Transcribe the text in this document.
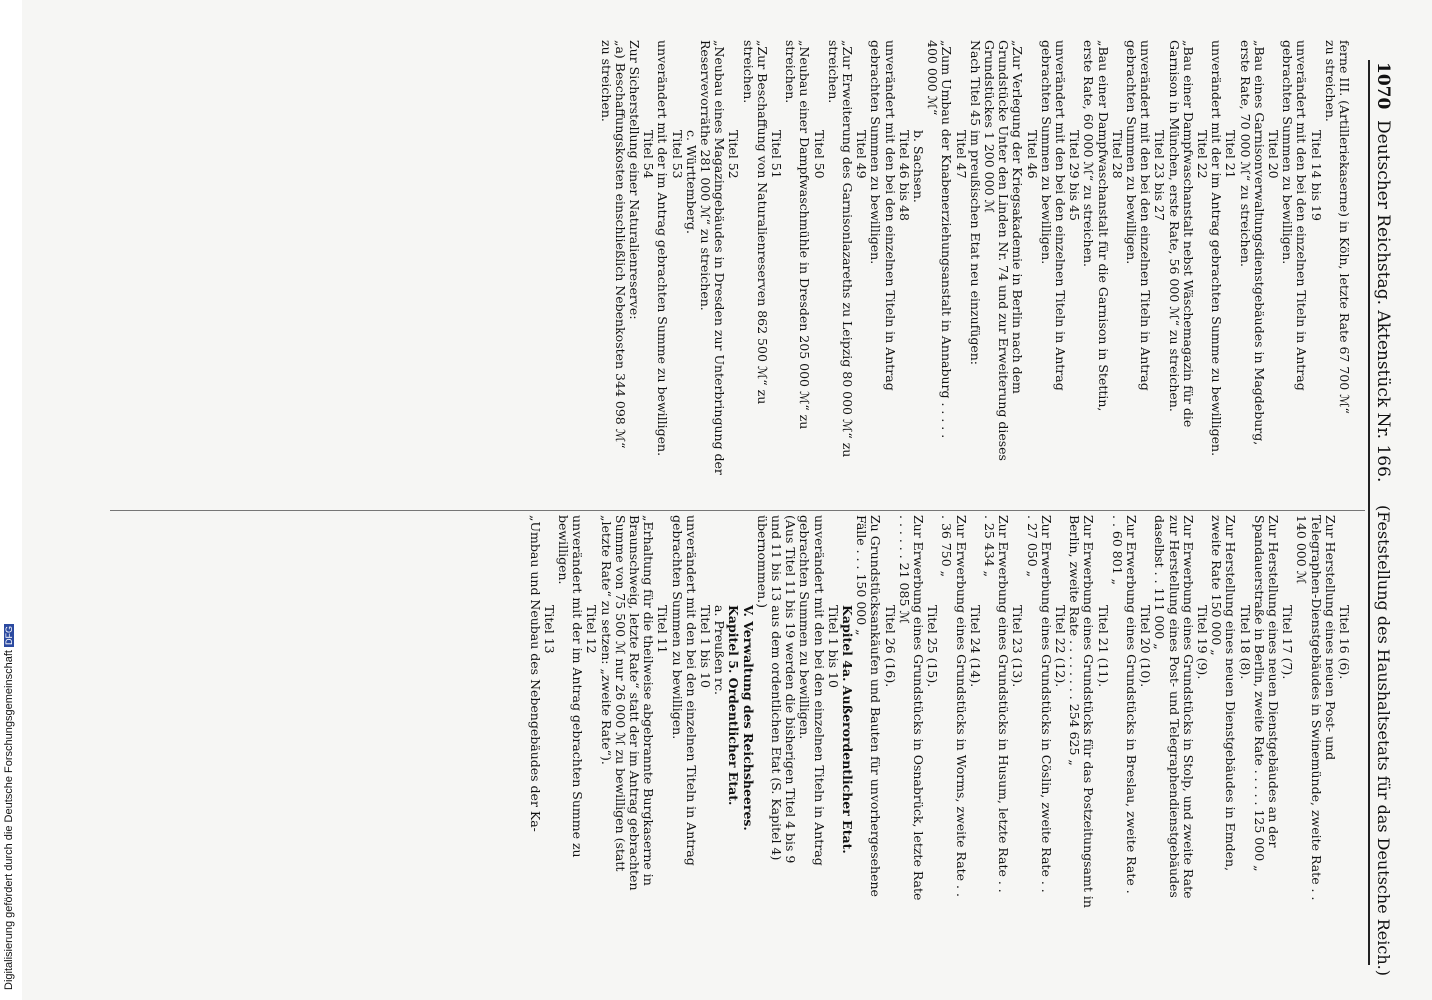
Digitalisierung gefördert durch die Deutsche ForschungsgemeinschaftDFG
1070
Deutscher Reichstag. Aktenstück Nr. 166.
(Feststellung des Haushaltsetats für das Deutsche Reich.)
Titel 16 (6).
Zur Herstellung eines neuen Post- und
Telegraphen-Dienstgebäudes in Swinemünde, zweite Rate . .
140 000 ℳ
Titel 17 (7).
Zur Herstellung eines neuen Dienstgebäudes an der
Spandauerstraße in Berlin, zweite Rate . . . . . 125 000 „
Titel 18 (8).
Zur Herstellung eines neuen Dienstgebäudes in Emden,
zweite Rate 150 000 „
Titel 19 (9).
Zur Erwerbung eines Grundstücks in Stolp, und zweite Rate
zur Herstellung eines Post- und Telegraphendienstgebäudes
daselbst . . 111 000 „
Titel 20 (10).
Zur Erwerbung eines Grundstücks in Breslau, zweite Rate .
. . 60 801 „
Titel 21 (11).
Zur Erwerbung eines Grundstücks für das Postzeitungsamt in
Berlin, zweite Rate . . . . . . . . 254 625 „
Titel 22 (12).
Zur Erwerbung eines Grundstücks in Cöslin, zweite Rate . .
. 27 050 „
Titel 23 (13).
Zur Erwerbung eines Grundstücks in Husum, letzte Rate . .
. 25 434 „
Titel 24 (14).
Zur Erwerbung eines Grundstücks in Worms, zweite Rate . .
. 36 750 „
Titel 25 (15).
Zur Erwerbung eines Grundstücks in Osnabrück, letzte Rate
. . . . . . 21 085 ℳ
Titel 26 (16).
Zu Grundstücksankäufen und Bauten für unvorhergesehene
Fälle . . . 150 000 „
Kapitel 4a. Außerordentlicher Etat.
Titel 1 bis 10
unverändert mit den bei den einzelnen Titeln in Antrag
gebrachten Summen zu bewilligen.
(Aus Titel 11 bis 19 werden die bisherigen Titel 4 bis 9
und 11 bis 13 aus dem ordentlichen Etat (S. Kapitel 4)
übernommen.)
V. Verwaltung des Reichsheeres.
Kapitel 5. Ordentlicher Etat.
a. Preußen rc.
Titel 1 bis 10
unverändert mit den bei den einzelnen Titeln in Antrag
gebrachten Summen zu bewilligen.
Titel 11
„Erhaltung für die theilweise abgebrannte Burgkaserne in
Braunschweig, letzte Rate“ statt der im Antrag gebrachten
Summe von 75 500 ℳ nur 26 000 ℳ zu bewilligen (statt
„letzte Rate“ zu setzen: „zweite Rate“).
Titel 12
unverändert mit der im Antrag gebrachten Summe zu
bewilligen.
Titel 13
„Umbau und Neubau des Nebengebäudes der Ka-
ferne III. (Artilleriekaserne) in Köln, letzte Rate 67 700 ℳ“
zu streichen.
Titel 14 bis 19
unverändert mit den bei den einzelnen Titeln in Antrag
gebrachten Summen zu bewilligen.
Titel 20
„Bau eines Garnisonverwaltungsdienstgebäudes in Magdeburg,
erste Rate, 70 000 ℳ“ zu streichen.
Titel 21
unverändert mit der im Antrag gebrachten Summe zu bewilligen.
Titel 22
„Bau einer Dampfwaschanstalt nebst Wäschemagazin für die
Garnison in München, erste Rate, 56 000 ℳ“ zu streichen.
Titel 23 bis 27
unverändert mit den bei den einzelnen Titeln in Antrag
gebrachten Summen zu bewilligen.
Titel 28
„Bau einer Dampfwaschanstalt für die Garnison in Stettin,
erste Rate, 60 000 ℳ“ zu streichen.
Titel 29 bis 45
unverändert mit den bei den einzelnen Titeln in Antrag
gebrachten Summen zu bewilligen.
Titel 46
„Zur Verlegung der Kriegsakademie in Berlin nach dem
Grundstücke Unter den Linden Nr. 74 und zur Erweiterung dieses
Grundstückes 1 200 000 ℳ
Nach Titel 45 im preußischen Etat neu einzufügen:
Titel 47
„Zum Umbau der Knabenerziehungsanstalt in Annaburg . . . . .
400 000 ℳ“
b. Sachsen.
Titel 46 bis 48
unverändert mit den bei den einzelnen Titeln in Antrag
gebrachten Summen zu bewilligen.
Titel 49
„Zur Erweiterung des Garnisonlazareths zu Leipzig 80 000 ℳ“ zu
streichen.
Titel 50
„Neubau einer Dampfwaschmühle in Dresden 205 000 ℳ“ zu
streichen.
Titel 51
„Zur Beschaffung von Naturalienreserven 862 500 ℳ“ zu
streichen.
Titel 52
„Neubau eines Magazingebäudes in Dresden zur Unterbringung der
Reservevorräthe 281 000 ℳ“ zu streichen.
c. Württemberg.
Titel 53
unverändert mit der im Antrag gebrachten Summe zu bewilligen.
Titel 54
Zur Sicherstellung einer Naturalienreserve:
„a) Beschaffungskosten einschließlich Nebenkosten 344 098 ℳ“
zu streichen.
